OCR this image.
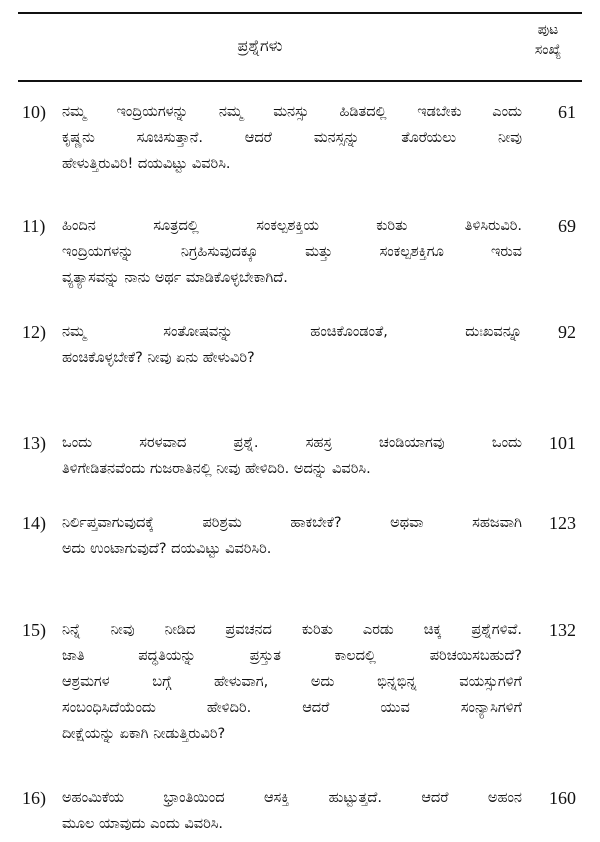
ಪ್ರಶ್ನೆಗಳು
ಪುಟ
ಸಂಖ್ಯೆ
10) ನಮ್ಮ ಇಂದ್ರಿಯಗಳನ್ನು ನಮ್ಮ ಮನಸ್ಸು ಹಿಡಿತದಲ್ಲಿ ಇಡಬೇಕು ಎಂದು
ಕೃಷ್ಣನು ಸೂಚಿಸುತ್ತಾನೆ. ಆದರೆ ಮನಸ್ಸನ್ನು ತೊರೆಯಲು ನೀವು
ಹೇಳುತ್ತಿರುವಿರಿ! ದಯವಿಟ್ಟು ವಿವರಿಸಿ.
61
11) ಹಿಂದಿನ ಸೂತ್ರದಲ್ಲಿ ಸಂಕಲ್ಪಶಕ್ತಿಯ ಕುರಿತು ತಿಳಿಸಿರುವಿರಿ.
ಇಂದ್ರಿಯಗಳನ್ನು ನಿಗ್ರಹಿಸುವುದಕ್ಕೂ ಮತ್ತು ಸಂಕಲ್ಪಶಕ್ತಿಗೂ ಇರುವ
ವ್ಯತ್ಯಾಸವನ್ನು ನಾನು ಅರ್ಥ ಮಾಡಿಕೊಳ್ಳಬೇಕಾಗಿದೆ.
69
12) ನಮ್ಮ ಸಂತೋಷವನ್ನು ಹಂಚಿಕೊಂಡಂತೆ, ದುಃಖವನ್ನೂ
ಹಂಚಿಕೊಳ್ಳಬೇಕೆ? ನೀವು ಏನು ಹೇಳುವಿರಿ?
92
13) ಒಂದು ಸರಳವಾದ ಪ್ರಶ್ನೆ. ಸಹಸ್ರ ಚಂಡಿಯಾಗವು ಒಂದು
ತಿಳಿಗೇಡಿತನವೆಂದು ಗುಜರಾತಿನಲ್ಲಿ ನೀವು ಹೇಳಿದಿರಿ. ಅದನ್ನು ವಿವರಿಸಿ.
101
14) ನಿರ್ಲಿಪ್ತವಾಗುವುದಕ್ಕೆ ಪರಿಶ್ರಮ ಹಾಕಬೇಕೆ? ಅಥವಾ ಸಹಜವಾಗಿ
ಅದು ಉಂಟಾಗುವುದೆ? ದಯವಿಟ್ಟು ವಿವರಿಸಿರಿ.
123
15) ನಿನ್ನೆ ನೀವು ನೀಡಿದ ಪ್ರವಚನದ ಕುರಿತು ಎರಡು ಚಿಕ್ಕ ಪ್ರಶ್ನೆಗಳಿವೆ.
ಜಾತಿ ಪದ್ಧತಿಯನ್ನು ಪ್ರಸ್ತುತ ಕಾಲದಲ್ಲಿ ಪರಿಚಯಿಸಬಹುದೆ?
ಆಶ್ರಮಗಳ ಬಗ್ಗೆ ಹೇಳುವಾಗ, ಅದು ಭಿನ್ನಭಿನ್ನ ವಯಸ್ಸುಗಳಿಗೆ
ಸಂಬಂಧಿಸಿದೆಯೆಂದು ಹೇಳಿದಿರಿ. ಆದರೆ ಯುವ ಸಂನ್ಯಾಸಿಗಳಿಗೆ
ದೀಕ್ಷೆಯನ್ನು ಏಕಾಗಿ ನೀಡುತ್ತಿರುವಿರಿ?
132
16) ಅಹಂಮಿಕೆಯ ಭ್ರಾಂತಿಯಿಂದ ಆಸಕ್ತಿ ಹುಟ್ಟುತ್ತದೆ. ಆದರೆ ಅಹಂನ
ಮೂಲ ಯಾವುದು ಎಂದು ವಿವರಿಸಿ.
160
